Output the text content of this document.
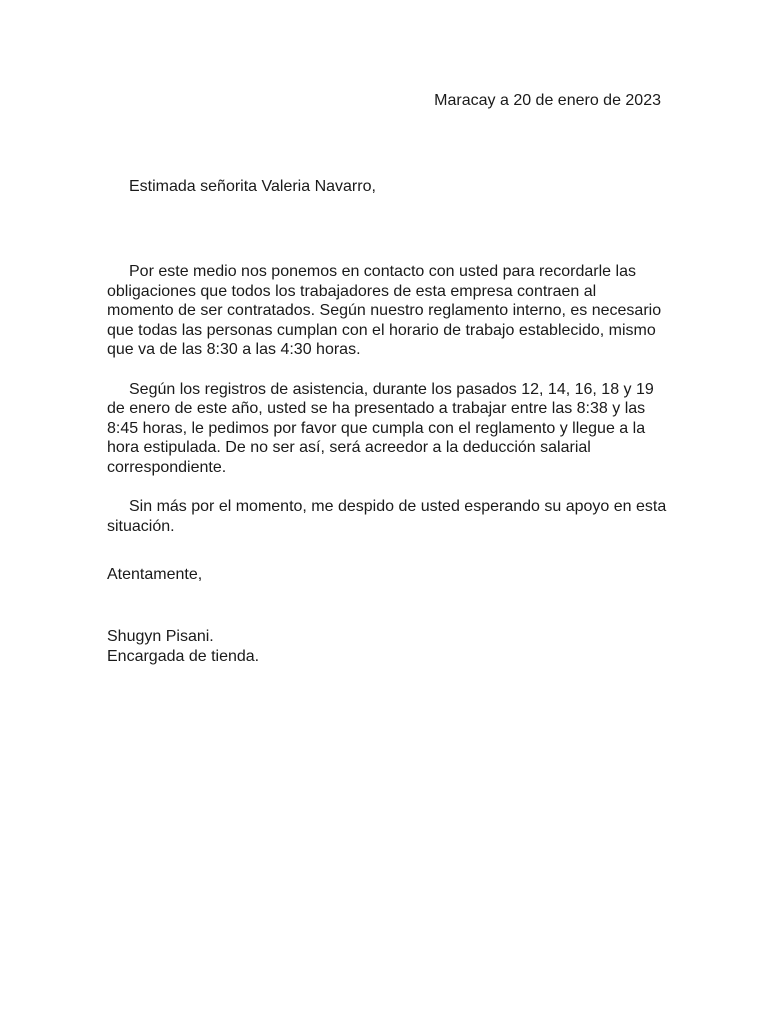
Maracay a 20 de enero de 2023
Estimada señorita Valeria Navarro,

Por este medio nos ponemos en contacto con usted para recordarle las obligaciones que todos los trabajadores de esta empresa contraen al momento de ser contratados. Según nuestro reglamento interno, es necesario que todas las personas cumplan con el horario de trabajo establecido, mismo que va de las 8:30 a las 4:30 horas.

Según los registros de asistencia, durante los pasados 12, 14, 16, 18 y 19 de enero de este año, usted se ha presentado a trabajar entre las 8:38 y las 8:45 horas, le pedimos por favor que cumpla con el reglamento y llegue a la hora estipulada. De no ser así, será acreedor a la deducción salarial correspondiente.

Sin más por el momento, me despido de usted esperando su apoyo en esta situación.

Atentamente,
Shugyn Pisani.
Encargada de tienda.
